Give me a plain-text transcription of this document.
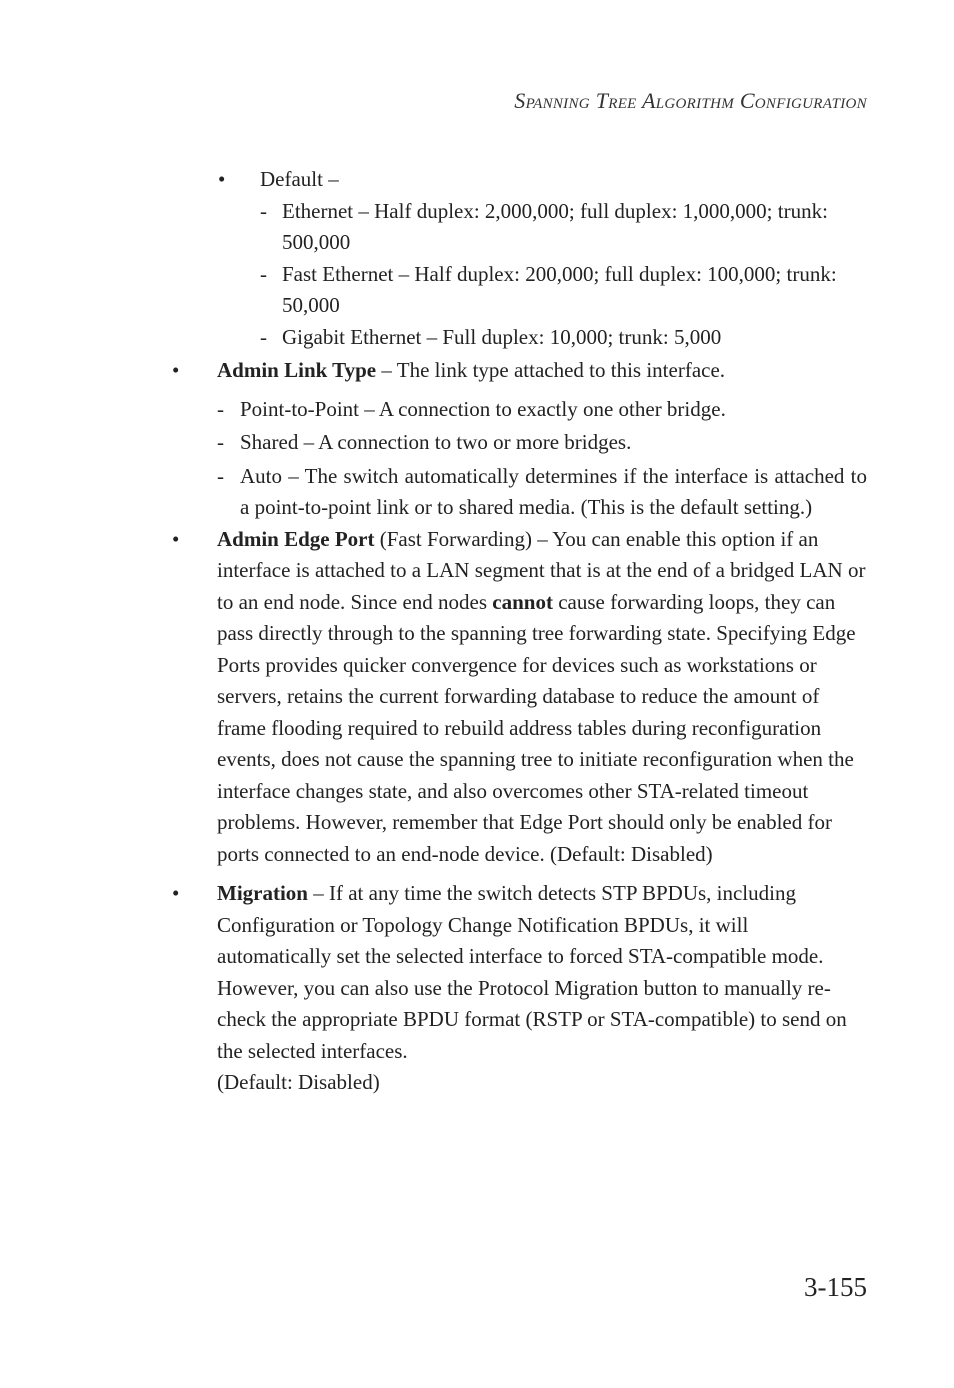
Spanning Tree Algorithm Configuration
• Default –
- Ethernet – Half duplex: 2,000,000; full duplex: 1,000,000; trunk: 500,000
- Fast Ethernet – Half duplex: 200,000; full duplex: 100,000; trunk: 50,000
- Gigabit Ethernet – Full duplex: 10,000; trunk: 5,000
• Admin Link Type – The link type attached to this interface.
- Point-to-Point – A connection to exactly one other bridge.
- Shared – A connection to two or more bridges.
- Auto – The switch automatically determines if the interface is attached to a point-to-point link or to shared media. (This is the default setting.)
• Admin Edge Port (Fast Forwarding) – You can enable this option if an interface is attached to a LAN segment that is at the end of a bridged LAN or to an end node. Since end nodes cannot cause forwarding loops, they can pass directly through to the spanning tree forwarding state. Specifying Edge Ports provides quicker convergence for devices such as workstations or servers, retains the current forwarding database to reduce the amount of frame flooding required to rebuild address tables during reconfiguration events, does not cause the spanning tree to initiate reconfiguration when the interface changes state, and also overcomes other STA-related timeout problems. However, remember that Edge Port should only be enabled for ports connected to an end-node device. (Default: Disabled)
• Migration – If at any time the switch detects STP BPDUs, including Configuration or Topology Change Notification BPDUs, it will automatically set the selected interface to forced STA-compatible mode. However, you can also use the Protocol Migration button to manually re-check the appropriate BPDU format (RSTP or STA-compatible) to send on the selected interfaces.
(Default: Disabled)
3-155
